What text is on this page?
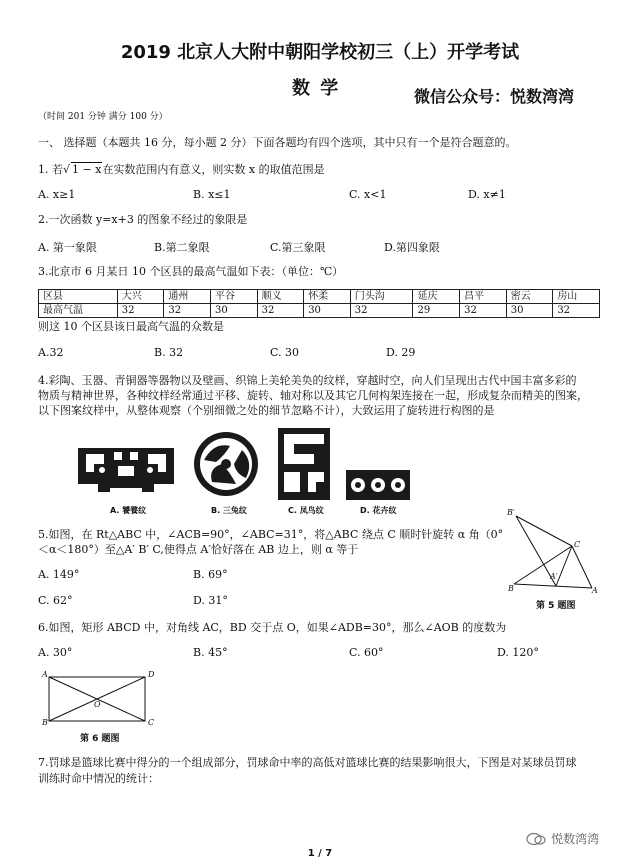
2019 北京人大附中朝阳学校初三（上）开学考试
数 学	微信公众号：悦数湾湾
（时间 201 分钟 满分 100 分）
一、 选择题（本题共 16 分，每小题 2 分）下面各题均有四个选项，其中只有一个是符合题意的。
1. 若√ 1 − x在实数范围内有意义，则实数 x 的取值范围是
A. x≥1	B. x≤1	C. x<1	D. x≠1
2.一次函数 y=x+3 的图象不经过的象限是
A. 第一象限	B.第二象限	C.第三象限	D.第四象限
3.北京市 6 月某日 10 个区县的最高气温如下表：（单位：℃）
区县	大兴	通州	平谷	顺义	怀柔	门头沟	延庆	昌平	密云	房山
最高气温	32	32	30	32	30	32	29	32	30	32
则这 10 个区县该日最高气温的众数是
A.32	B. 32	C. 30	D. 29
4.彩陶、玉器、青铜器等器物以及壁画、织锦上美轮美奂的纹样，穿越时空，向人们呈现出古代中国丰富多彩的
物质与精神世界，各种纹样经常通过平移、旋转、轴对称以及其它几何构架连接在一起，形成复杂而精美的图案，
以下图案纹样中，从整体观察（个别细微之处的细节忽略不计），大致运用了旋转进行构图的是
A. 饕餮纹	B. 三兔纹	C. 凤鸟纹	D. 花卉纹
5.如图，在 Rt△ABC 中，∠ACB=90°，∠ABC=31°，将△ABC 绕点 C 顺时针旋转 α 角（0°
＜α＜180°）至△A′ B′ C,使得点 A′恰好落在 AB 边上，则 α 等于
A. 149°	B. 69°
C. 62°	D. 31°
B′
C
A′
B	A
第 5 题图
6.如图，矩形 ABCD 中，对角线 AC，BD 交于点 O，如果∠ADB=30°，那么∠AOB 的度数为
A. 30°	B. 45°	C. 60°	D. 120°
A	D
O
B	C
第 6 题图
7.罚球是篮球比赛中得分的一个组成部分，罚球命中率的高低对篮球比赛的结果影响很大，下图是对某球员罚球
训练时命中情况的统计：
1 / 7
悦数湾湾
